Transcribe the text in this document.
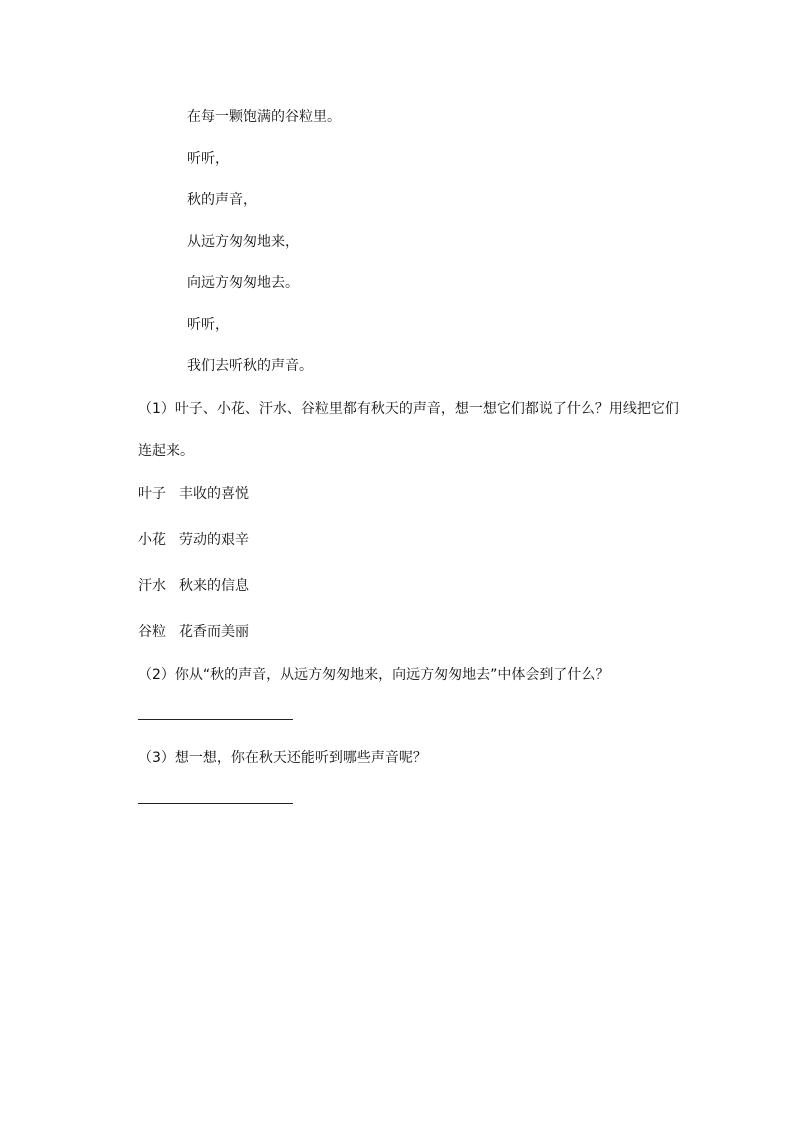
在每一颗饱满的谷粒里。
听听，
秋的声音，
从远方匆匆地来，
向远方匆匆地去。
听听，
我们去听秋的声音。
（1）叶子、小花、汗水、谷粒里都有秋天的声音，想一想它们都说了什么？用线把它们
连起来。
叶子 丰收的喜悦
小花 劳动的艰辛
汗水 秋来的信息
谷粒 花香而美丽
（2）你从“秋的声音，从远方匆匆地来，向远方匆匆地去”中体会到了什么？
（3）想一想，你在秋天还能听到哪些声音呢？
